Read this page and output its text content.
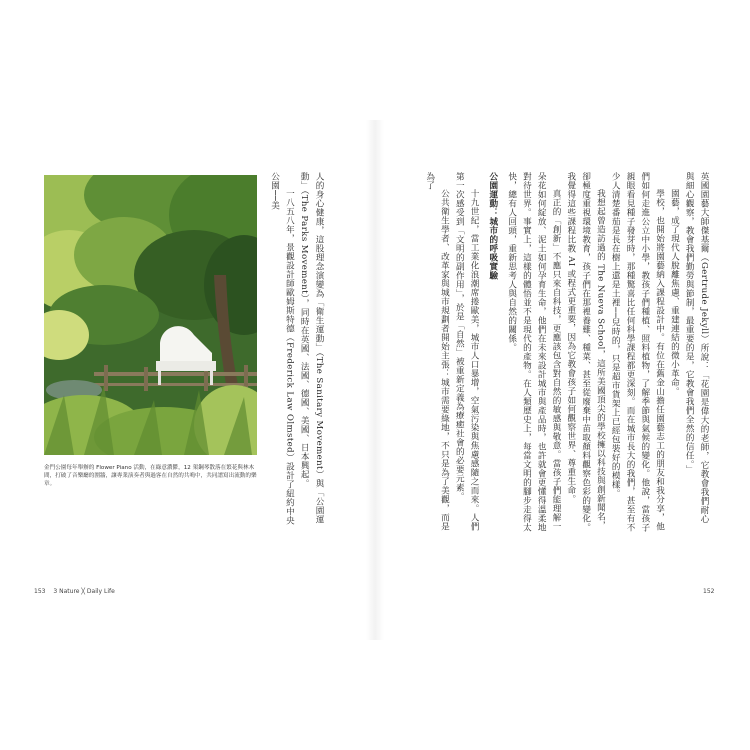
金門公園每年舉辦的 Flower Piano 活動，在綠意濃鬱，12 架鋼琴散落在繁花與林木間，打破了音樂廳的圍牆，讓專業演奏者與過客在自然的共鳴中，共同譜寫出流動的樂章。	人的身心健康，這股理念演變為「衛生運動」（The Sanitary Movement）與「公園運動」（The Parks Movement），同時在英國、法國、德國、美國、日本興起。

一八五八年，景觀設計師歐姆斯特德（Frederick Law Olmsted）設計了紐約中央公園──美	英國園藝大師傑基爾（Gertrude Jekyll）所說：「花園是偉大的老師，它教會我們耐心與細心觀察，教會我們勤勞與節制，最重要的是，它教會我們全然的信任。」

園藝，成了現代人脫離焦慮、重建連結的微小革命。

學校，也開始將園藝納入課程設計中。有位在舊金山擔任園藝志工的朋友和我分享，他們如何走進公立中小學，教孩子們種植、照料植物，了解季節與氣候的變化。他說，當孩子親眼看見種子發芽時，那種驚喜比任何科學課程都更深刻。而在城市長大的我們，甚至有不少人清楚番茄是長在樹上還是土裡──兒時的，只是超市貨架上已經包裝好的模樣。

我想起曾造訪過的 The Nueva School，這所美國頂尖的學校擁以科技與創新聞名，卻極度重視環境教育，孩子們在那裡養雞、種菜、甚至從廢棄中苗取顏料觀察色彩的變化。我覺得這些課程比教 AI 或程式更重要，因為它教會孩子如何觀察世界、尊重生命。

真正的「創新」不應只來自科技，更應該包含對自然的敏感與敬意。當孩子們能理解一朵花如何綻放、泥土如何孕育生命，他們在未來設計城市與產品時，也許就會更懂得溫柔地對待世界。事實上，這樣的體悟並不是現代的產物。在人類歷史上，每當文明的腳步走得太快，總有人回頭，重新思考人與自然的關係。

公園運動：城市的呼吸實驗

十九世紀，當工業化浪潮席捲歐美，城市人口暴增，空氣污染與焦慮感隨之而來。人們第一次感受到「文明的副作用」，於是「自然」被重新定義為療癒社會的必要元素。

公共衛生學者、改革家與城市規劃者開始主張：城市需要綠地，不只是為了美觀，而是為了

153 3 Nature ╳ Daily Life	152
